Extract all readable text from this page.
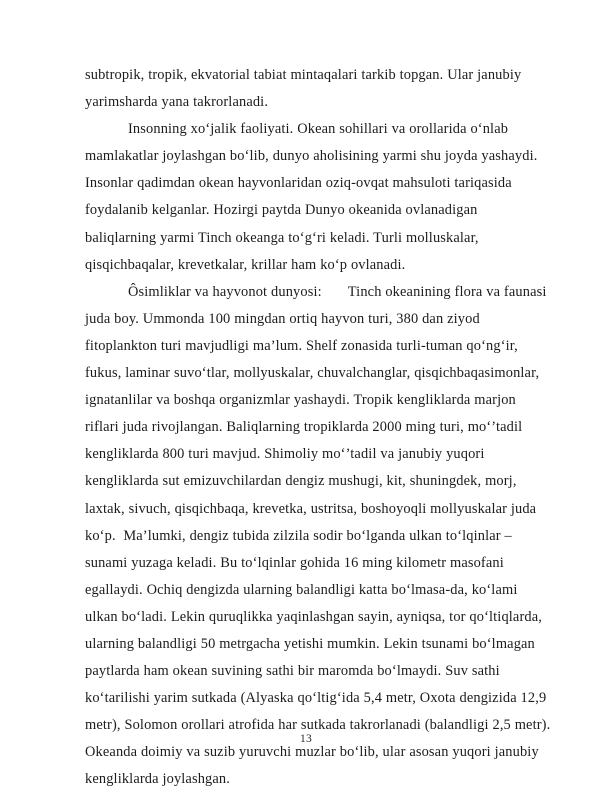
subtropik, tropik, ekvatorial tabiat mintaqalari tarkib topgan. Ular janubiy yarimsharda yana takrorlanadi.

Insonning xoʻjalik faoliyati. Okean sohillari va orollarida oʻnlab mamlakatlar joylashgan boʻlib, dunyo aholisining yarmi shu joyda yashaydi. Insonlar qadimdan okean hayvonlaridan oziq-ovqat mahsuloti tariqasida foydalanib kelganlar. Hozirgi paytda Dunyo okeanida ovlanadigan baliqlarning yarmi Tinch okeanga toʻgʻri keladi. Turli molluskalar,  qisqichbaqalar, krevetkalar, krillar ham koʻp ovlanadi.

Ôsimliklar va hayvonot dunyosi: Tinch okeanining flora va faunasi juda boy. Ummonda 100 mingdan ortiq hayvon turi, 380 dan ziyod fitoplankton turi mavjudligi ma’lum. Shelf zonasida turli-tuman qoʻngʻir, fukus, laminar suvoʻtlar, mollyuskalar, chuvalchanglar, qisqichbaqasimonlar, ignatanlilar va boshqa organizmlar yashaydi. Tropik kengliklarda marjon riflari juda rivojlangan. Baliqlarning tropiklarda 2000 ming turi, moʻ’tadil kengliklarda 800 turi mavjud. Shimoliy moʻ’tadil va janubiy yuqori kengliklarda sut emizuvchilardan dengiz mushugi, kit, shuningdek, morj, laxtak, sivuch, qisqichbaqa, krevetka, ustritsa, boshoyoqli mollyuskalar juda koʻp.  Ma’lumki, dengiz tubida zilzila sodir boʻlganda ulkan toʻlqinlar – sunami yuzaga keladi. Bu toʻlqinlar gohida 16 ming kilometr masofani egallaydi. Ochiq dengizda ularning balandligi katta boʻlmasa-da, koʻlami ulkan boʻladi. Lekin quruqlikka yaqinlashgan sayin, ayniqsa, tor qoʻltiqlarda, ularning balandligi 50 metrgacha yetishi mumkin. Lekin tsunami boʻlmagan paytlarda ham okean suvining sathi bir maromda boʻlmaydi. Suv sathi koʻtarilishi yarim sutkada (Alyaska qoʻltigʻida 5,4 metr, Oxota dengizida 12,9 metr), Solomon orollari atrofida har sutkada takrorlanadi (balandligi 2,5 metr). Okeanda doimiy va suzib yuruvchi muzlar boʻlib, ular asosan yuqori janubiy kengliklarda joylashgan.

13
